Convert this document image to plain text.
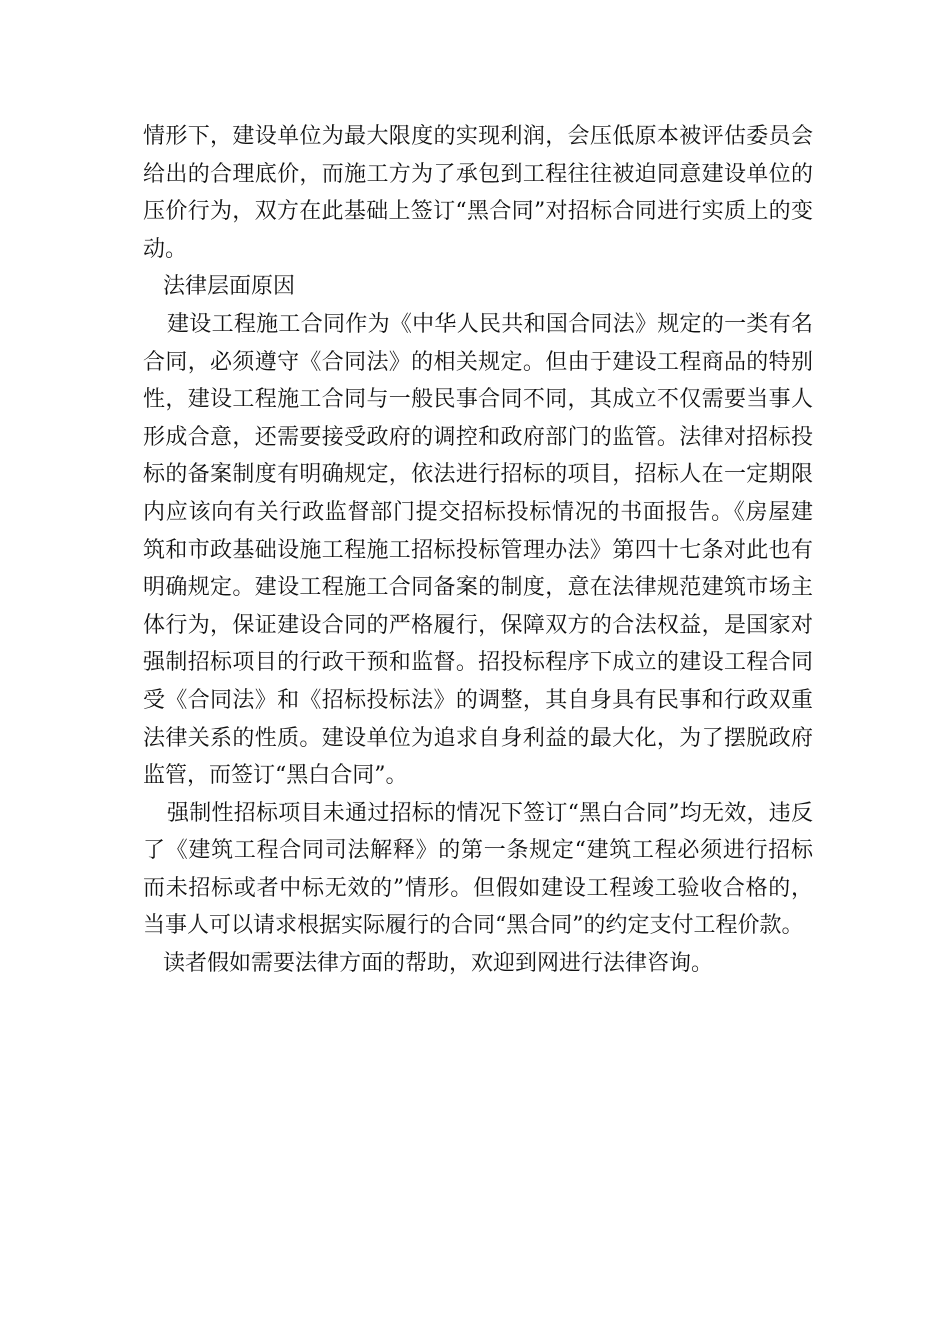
情形下，建设单位为最大限度的实现利润，会压低原本被评估委员会给出的合理底价，而施工方为了承包到工程往往被迫同意建设单位的压价行为，双方在此基础上签订“黑合同”对招标合同进行实质上的变动。

法律层面原因

建设工程施工合同作为《中华人民共和国合同法》规定的一类有名合同，必须遵守《合同法》的相关规定。但由于建设工程商品的特别性，建设工程施工合同与一般民事合同不同，其成立不仅需要当事人形成合意，还需要接受政府的调控和政府部门的监管。法律对招标投标的备案制度有明确规定，依法进行招标的项目，招标人在一定期限内应该向有关行政监督部门提交招标投标情况的书面报告。《房屋建筑和市政基础设施工程施工招标投标管理办法》第四十七条对此也有明确规定。建设工程施工合同备案的制度，意在法律规范建筑市场主体行为，保证建设合同的严格履行，保障双方的合法权益，是国家对强制招标项目的行政干预和监督。招投标程序下成立的建设工程合同受《合同法》和《招标投标法》的调整，其自身具有民事和行政双重法律关系的性质。建设单位为追求自身利益的最大化，为了摆脱政府监管，而签订“黑白合同”。

强制性招标项目未通过招标的情况下签订“黑白合同”均无效，违反了《建筑工程合同司法解释》的第一条规定“建筑工程必须进行招标而未招标或者中标无效的”情形。但假如建设工程竣工验收合格的，当事人可以请求根据实际履行的合同“黑合同”的约定支付工程价款。

读者假如需要法律方面的帮助，欢迎到网进行法律咨询。
